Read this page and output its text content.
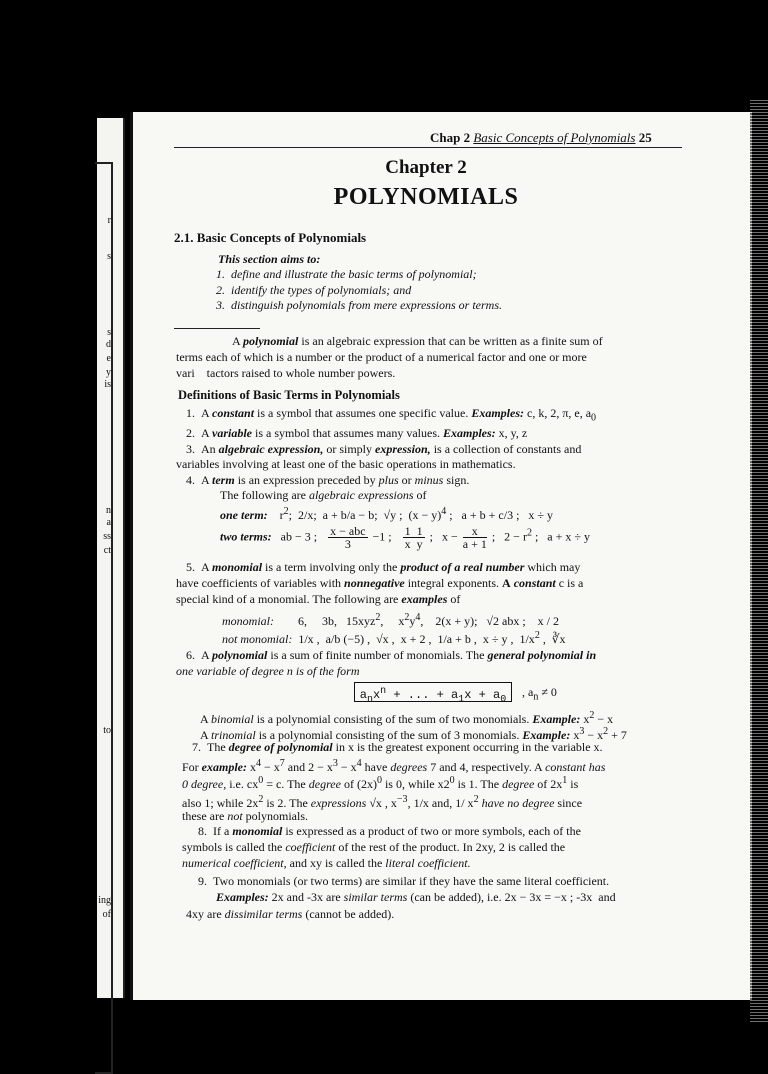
r
s
s
d
e
y
is
n
a
ss
ct
to
ing
of
Chap 2 Basic Concepts of Polynomials 25
Chapter 2
POLYNOMIALS
2.1. Basic Concepts of Polynomials
This section aims to:
1. define and illustrate the basic terms of polynomial;
2. identify the types of polynomials; and
3. distinguish polynomials from mere expressions or terms.
A polynomial is an algebraic expression that can be written as a finite sum of
terms each of which is a number or the product of a numerical factor and one or more
vari    tactors raised to whole number powers.
Definitions of Basic Terms in Polynomials
1.  A constant is a symbol that assumes one specific value. Examples: c, k, 2, π, e, $a_0$
2.  A variable is a symbol that assumes many values. Examples: x, y, z
3.  An algebraic expression, or simply expression, is a collection of constants and
variables involving at least one of the basic operations in mathematics.
4.  A term is an expression preceded by plus or minus sign.
The following are algebraic expressions of
one term:    $r^2$;  2/x;  a + b/a − b;  √y ;  $(x - y)^4$ ;   a + b + c/3 ;   x ÷ y
two terms:   ab − 3 ; x − abc
3
−1 ; $\frac{1 1}{\text{x  y}}$ ;   $x - \frac{x}{a + 1}$ ;   $2 - r^2$ ;   a + x ÷ y
5.  A monomial is a term involving only the product of a real number which may
have coefficients of variables with nonnegative integral exponents. A constant c is a
special kind of a monomial. The following are examples of
monomial:        6,     3b,   15xyz$^2$,     $x^2y^4$,    2(x + y);   √2 abx ;    x / 2
not monomial:  1/x ,  a/b (−5) ,  √x ,  x + 2 ,  1/a + b ,  x ÷ y ,  $1/x^2$ ,  ∛x
6.  A polynomial is a sum of finite number of monomials. The general polynomial in
one variable of degree n is of the form
$a_nx^n$ + ... + $a_1x + a_0$
, $a_n \ne 0$
A binomial is a polynomial consisting of the sum of two monomials. Example: $x^2 - x$
A trinomial is a polynomial consisting of the sum of 3 monomials. Example: $x^3 - x^2 + 7$
7.  The degree of polynomial in x is the greatest exponent occurring in the variable x.
For example: $x^4 - x^7$ and $2 - x^3 - x^4$ have degrees 7 and 4, respectively. A constant has
0 degree, i.e. $cx^0 = c$. The degree of $(2x)^0$ is 0, while $x2^0$ is 1. The degree of $2x^1$ is
also 1; while $2x^2$ is 2. The expressions √x , $x^{-3}$, 1/x and, 1/ $x^2$ have no degree since
these are not polynomials.
8.  If a monomial is expressed as a product of two or more symbols, each of the
symbols is called the coefficient of the rest of the product. In 2xy, 2 is called the
numerical coefficient, and xy is called the literal coefficient.
9.  Two monomials (or two terms) are similar if they have the same literal coefficient.
Examples: 2x and -3x are similar terms (can be added), i.e. 2x − 3x = −x ; -3x  and
4xy are dissimilar terms (cannot be added).
